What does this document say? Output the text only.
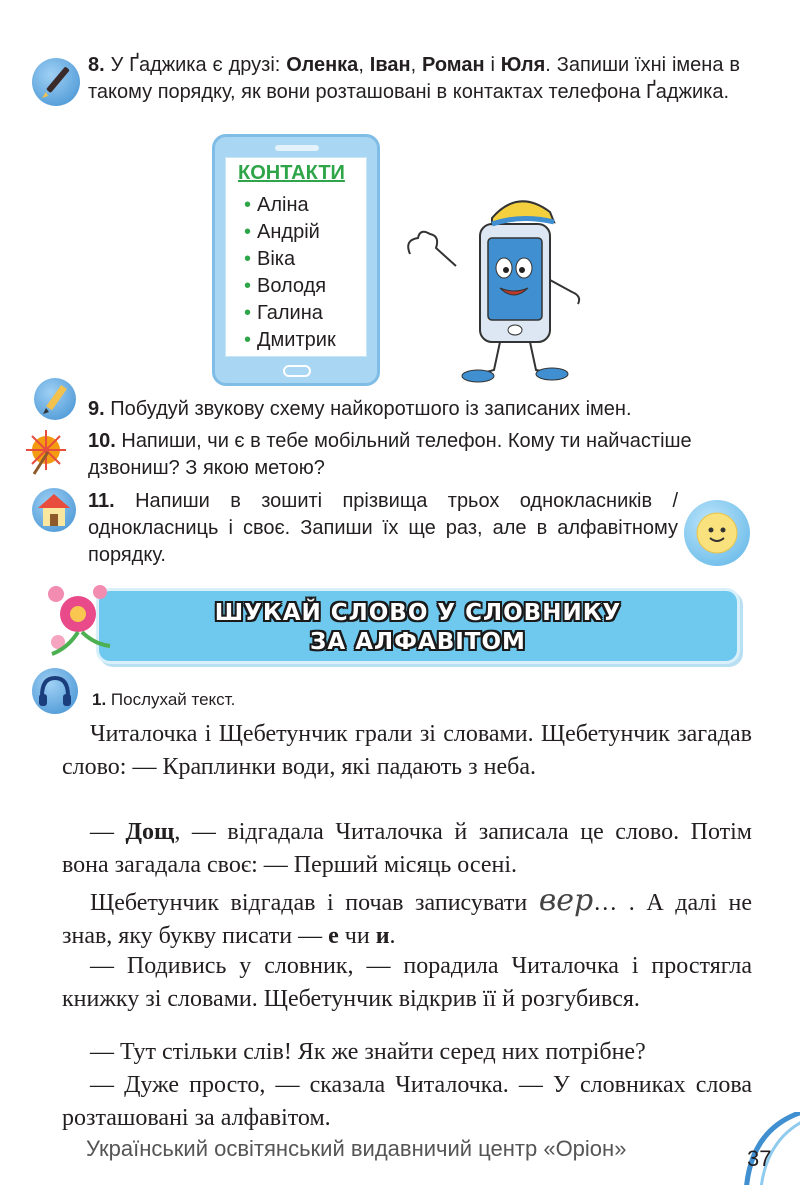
8. У Ґаджика є друзі: Оленка, Іван, Роман і Юля. Запиши їхні імена в такому порядку, як вони розташовані в контактах телефона Ґаджика.
КОНТАКТИ
• Аліна
• Андрій
• Віка
• Володя
• Галина
• Дмитрик
9. Побудуй звукову схему найкоротшого із записаних імен.
10. Напиши, чи є в тебе мобільний телефон. Кому ти найчастіше дзвониш? З якою метою?
11. Напиши в зошиті прізвища трьох однокласників / однокласниць і своє. Запиши їх ще раз, але в алфавітному порядку.
ШУКАЙ СЛОВО У СЛОВНИКУ
ЗА АЛФАВІТОМ
1. Послухай текст.

Читалочка і Щебетунчик грали зі словами. Щебетунчик загадав слово: — Краплинки води, які падають з неба.

— Дощ, — відгадала Читалочка й записала це слово. Потім вона загадала своє: — Перший місяць осені.

Щебетунчик відгадав і почав записувати вер… . А далі не знав, яку букву писати — е чи и.

— Подивись у словник, — порадила Читалочка і простягла книжку зі словами. Щебетунчик відкрив її й розгубився.

— Тут стільки слів! Як же знайти серед них потрібне?

— Дуже просто, — сказала Читалочка. — У словниках слова розташовані за алфавітом.

Український освітянський видавничий центр «Оріон»	37
